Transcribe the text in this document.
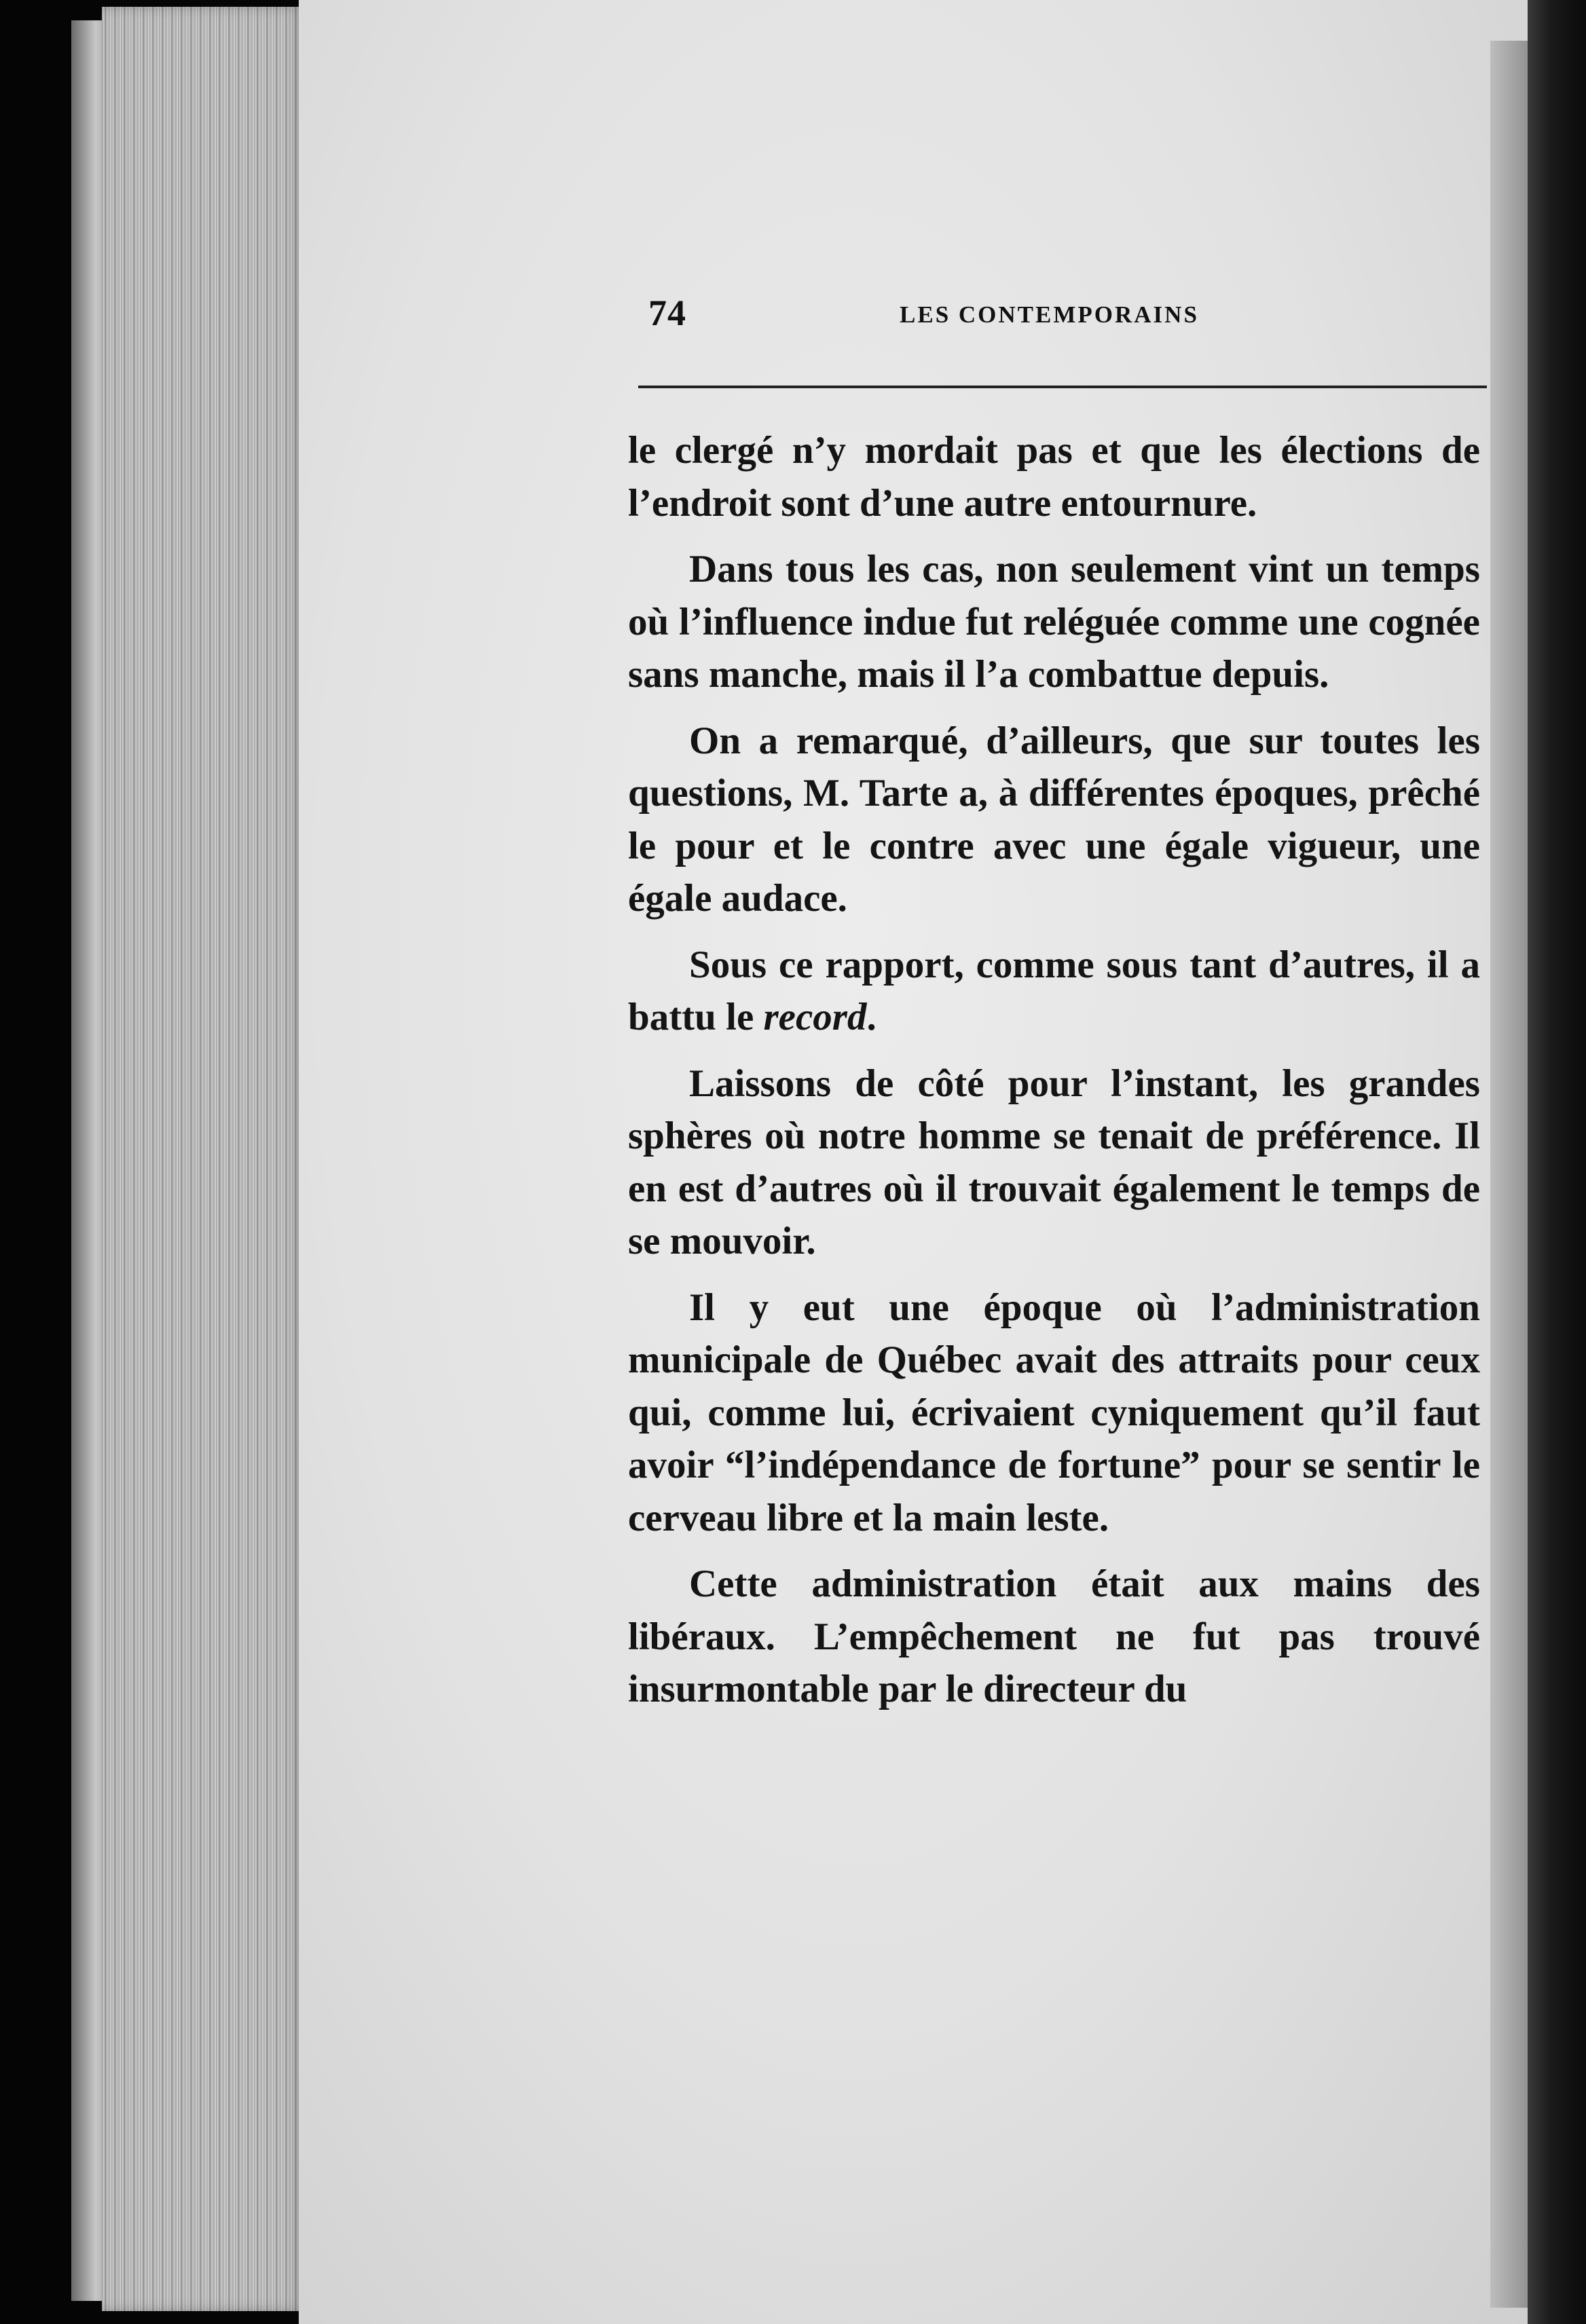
74	LES CONTEMPORAINS

le clergé n’y mordait pas et que les élections de l’endroit sont d’une autre entournure.

Dans tous les cas, non seulement vint un temps où l’influence indue fut reléguée comme une cognée sans manche, mais il l’a combattue depuis.

On a remarqué, d’ailleurs, que sur toutes les questions, M. Tarte a, à différentes époques, prêché le pour et le contre avec une égale vigueur, une égale audace.

Sous ce rapport, comme sous tant d’autres, il a battu le record.

Laissons de côté pour l’instant, les grandes sphères où notre homme se tenait de préférence. Il en est d’autres où il trouvait également le temps de se mouvoir.

Il y eut une époque où l’administration municipale de Québec avait des attraits pour ceux qui, comme lui, écrivaient cyniquement qu’il faut avoir “l’indépendance de fortune” pour se sentir le cerveau libre et la main leste.

Cette administration était aux mains des libéraux. L’empêchement ne fut pas trouvé insurmontable par le directeur du
